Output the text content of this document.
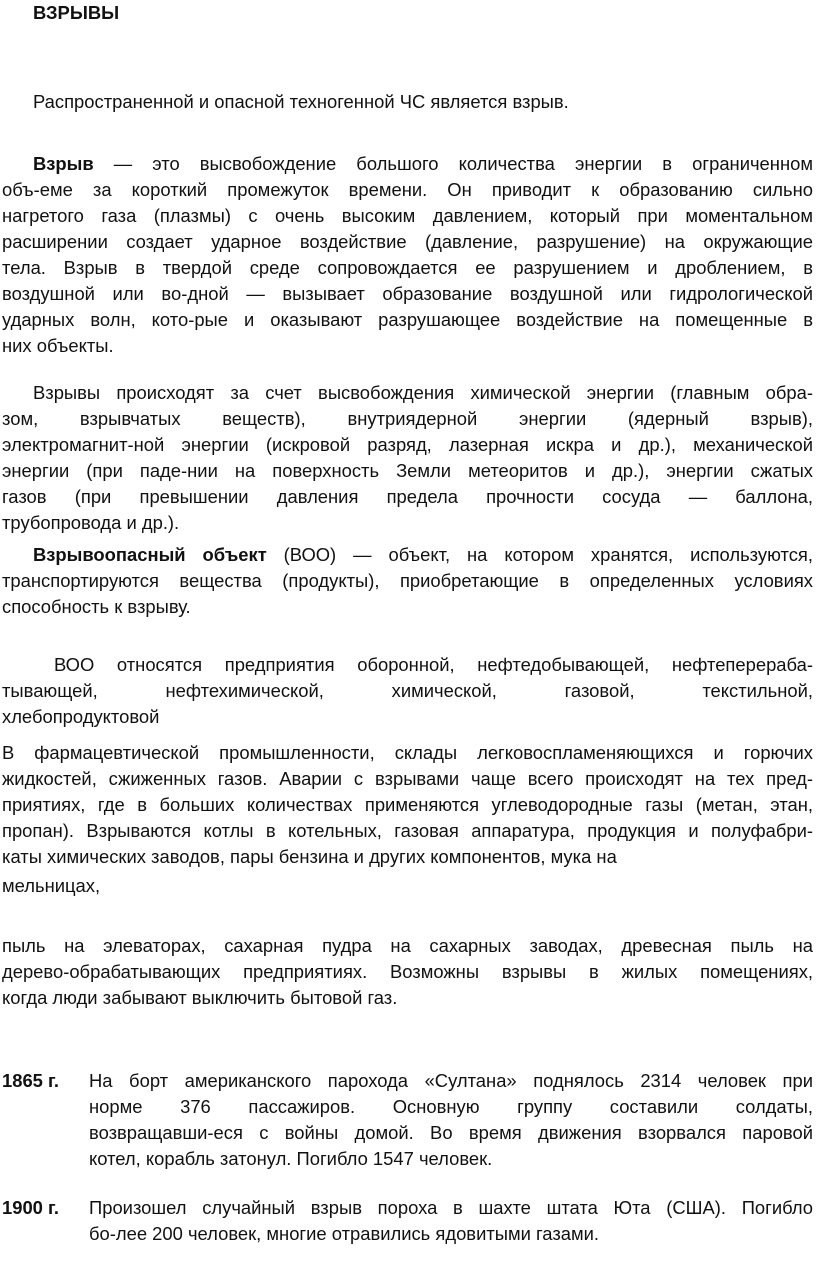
ВЗРЫВЫ
Распространенной и опасной техногенной ЧС является взрыв.
Взрыв — это высвобождение большого количества энергии в ограниченном
объ-еме за короткий промежуток времени. Он приводит к образованию сильно
нагретого газа (плазмы) с очень высоким давлением, который при моментальном
расширении создает ударное воздействие (давление, разрушение) на окружающие
тела. Взрыв в твердой среде сопровождается ее разрушением и дроблением, в
воздушной или во-дной — вызывает образование воздушной или гидрологической
ударных волн, кото-рые и оказывают разрушающее воздействие на помещенные в
них объекты.
Взрывы происходят за счет высвобождения химической энергии (главным обра-
зом, взрывчатых веществ), внутриядерной энергии (ядерный взрыв),
электромагнит-ной энергии (искровой разряд, лазерная искра и др.), механической
энергии (при паде-нии на поверхность Земли метеоритов и др.), энергии сжатых
газов (при превышении давления предела прочности сосуда — баллона,
трубопровода и др.).
Взрывоопасный объект (ВОО) — объект, на котором хранятся, используются,
транспортируются вещества (продукты), приобретающие в определенных условиях
способность к взрыву.
ВОО относятся предприятия оборонной, нефтедобывающей, нефтеперераба-
тывающей, нефтехимической, химической, газовой, текстильной,
хлебопродуктовой
В фармацевтической промышленности, склады легковоспламеняющихся и горючих
жидкостей, сжиженных газов. Аварии с взрывами чаще всего происходят на тех пред-
приятиях, где в больших количествах применяются углеводородные газы (метан, этан,
пропан). Взрываются котлы в котельных, газовая аппаратура, продукция и полуфабри-
каты химических заводов, пары бензина и других компонентов, мука на
мельницах,
пыль на элеваторах, сахарная пудра на сахарных заводах, древесная пыль на
дерево-обрабатывающих предприятиях. Возможны взрывы в жилых помещениях,
когда люди забывают выключить бытовой газ.
1865 г. На борт американского парохода «Султана» поднялось 2314 человек при
норме 376 пассажиров. Основную группу составили солдаты,
возвращавши-еся с войны домой. Во время движения взорвался паровой
котел, корабль затонул. Погибло 1547 человек.
1900 г. Произошел случайный взрыв пороха в шахте штата Юта (США). Погибло
бо-лее 200 человек, многие отравились ядовитыми газами.
